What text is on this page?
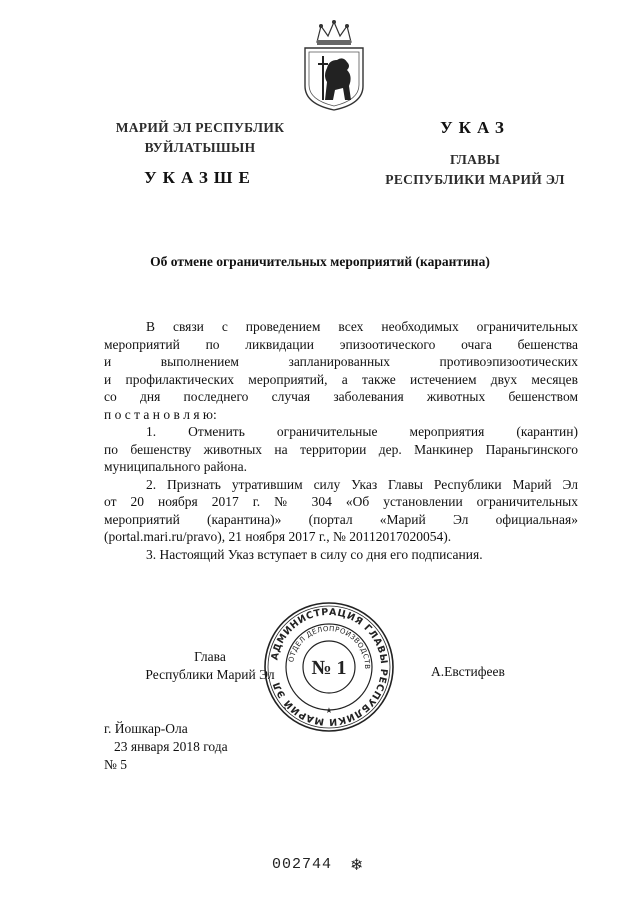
МАРИЙ ЭЛ РЕСПУБЛИК
ВУЙЛАТЫШЫН
УКАЗШЕ
УКАЗ
ГЛАВЫ
РЕСПУБЛИКИ МАРИЙ ЭЛ
Об отмене ограничительных мероприятий (карантина)
В связи с проведением всех необходимых ограничительных
мероприятий по ликвидации эпизоотического очага бешенства
и выполнением запланированных противоэпизоотических
и профилактических мероприятий, а также истечением двух месяцев
со дня последнего случая заболевания животных бешенством
п о с т а н о в л я ю:
1. Отменить ограничительные мероприятия (карантин)
по бешенству животных на территории дер. Манкинер Параньгинского
муниципального района.
2. Признать утратившим силу Указ Главы Республики Марий Эл
от 20 ноября 2017 г. № 304 «Об установлении ограничительных
мероприятий (карантина)» (портал «Марий Эл официальная»
(portal.mari.ru/pravo), 21 ноября 2017 г., № 20112017020054).
3. Настоящий Указ вступает в силу со дня его подписания.
Глава
Республики Марий Эл	А.Евстифеев
АДМИНИСТРАЦИЯ ГЛАВЫ РЕСПУБЛИКИ МАРИЙ ЭЛ
ОТДЕЛ ДЕЛОПРОИЗВОДСТВ
№ 1
★
г. Йошкар-Ола
23 января 2018 года
№ 5
002744 ❄
